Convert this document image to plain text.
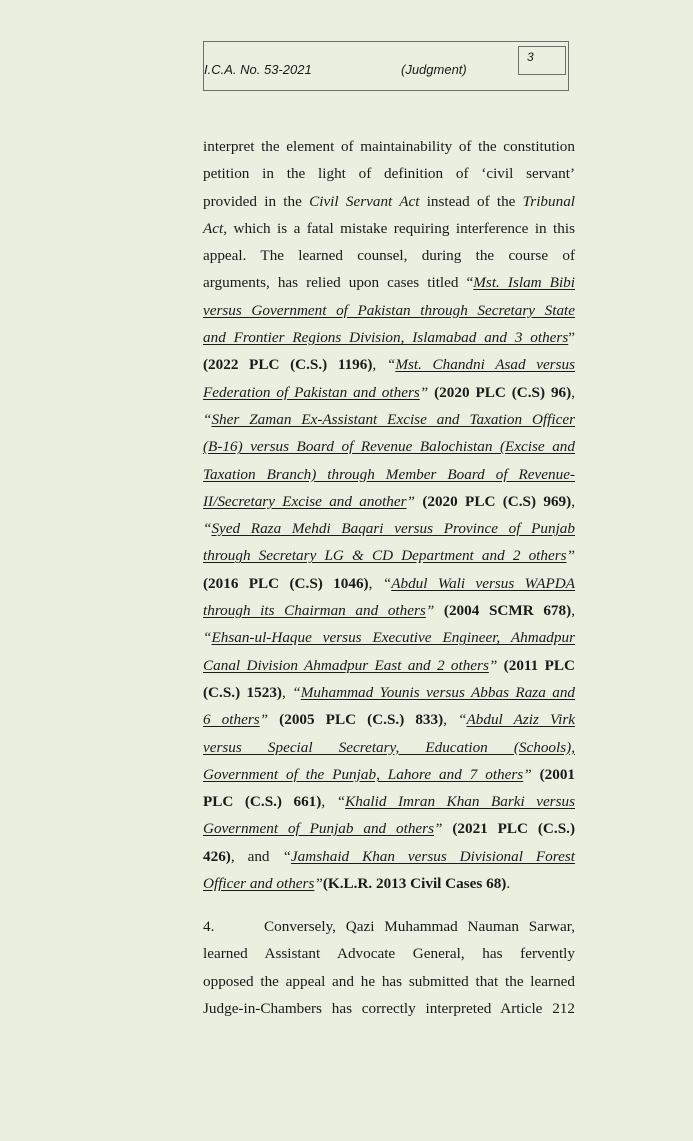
I.C.A. No. 53-2021	(Judgment)
3
interpret the element of maintainability of the constitution
petition in the light of definition of ‘civil servant’
provided in the Civil Servant Act instead of the Tribunal
Act, which is a fatal mistake requiring interference in this
appeal. The learned counsel, during the course of
arguments, has relied upon cases titled “Mst. Islam Bibi
versus Government of Pakistan through Secretary State
and Frontier Regions Division, Islamabad and 3 others”
(2022 PLC (C.S.) 1196), “Mst. Chandni Asad versus
Federation of Pakistan and others” (2020 PLC (C.S) 96),
“Sher Zaman Ex-Assistant Excise and Taxation Officer
(B-16) versus Board of Revenue Balochistan (Excise and
Taxation Branch) through Member Board of Revenue-
II/Secretary Excise and another” (2020 PLC (C.S) 969),
“Syed Raza Mehdi Baqari versus Province of Punjab
through Secretary LG & CD Department and 2 others”
(2016 PLC (C.S) 1046), “Abdul Wali versus WAPDA
through its Chairman and others” (2004 SCMR 678),
“Ehsan-ul-Haque versus Executive Engineer, Ahmadpur
Canal Division Ahmadpur East and 2 others” (2011 PLC
(C.S.) 1523), “Muhammad Younis versus Abbas Raza and
6 others” (2005 PLC (C.S.) 833), “Abdul Aziz Virk
versus Special Secretary, Education (Schools),
Government of the Punjab, Lahore and 7 others” (2001
PLC (C.S.) 661), “Khalid Imran Khan Barki versus
Government of Punjab and others” (2021 PLC (C.S.)
426), and “Jamshaid Khan versus Divisional Forest
Officer and others”(K.L.R. 2013 Civil Cases 68).
4.	Conversely, Qazi Muhammad Nauman Sarwar,
learned Assistant Advocate General, has fervently
opposed the appeal and he has submitted that the learned
Judge-in-Chambers has correctly interpreted Article 212
